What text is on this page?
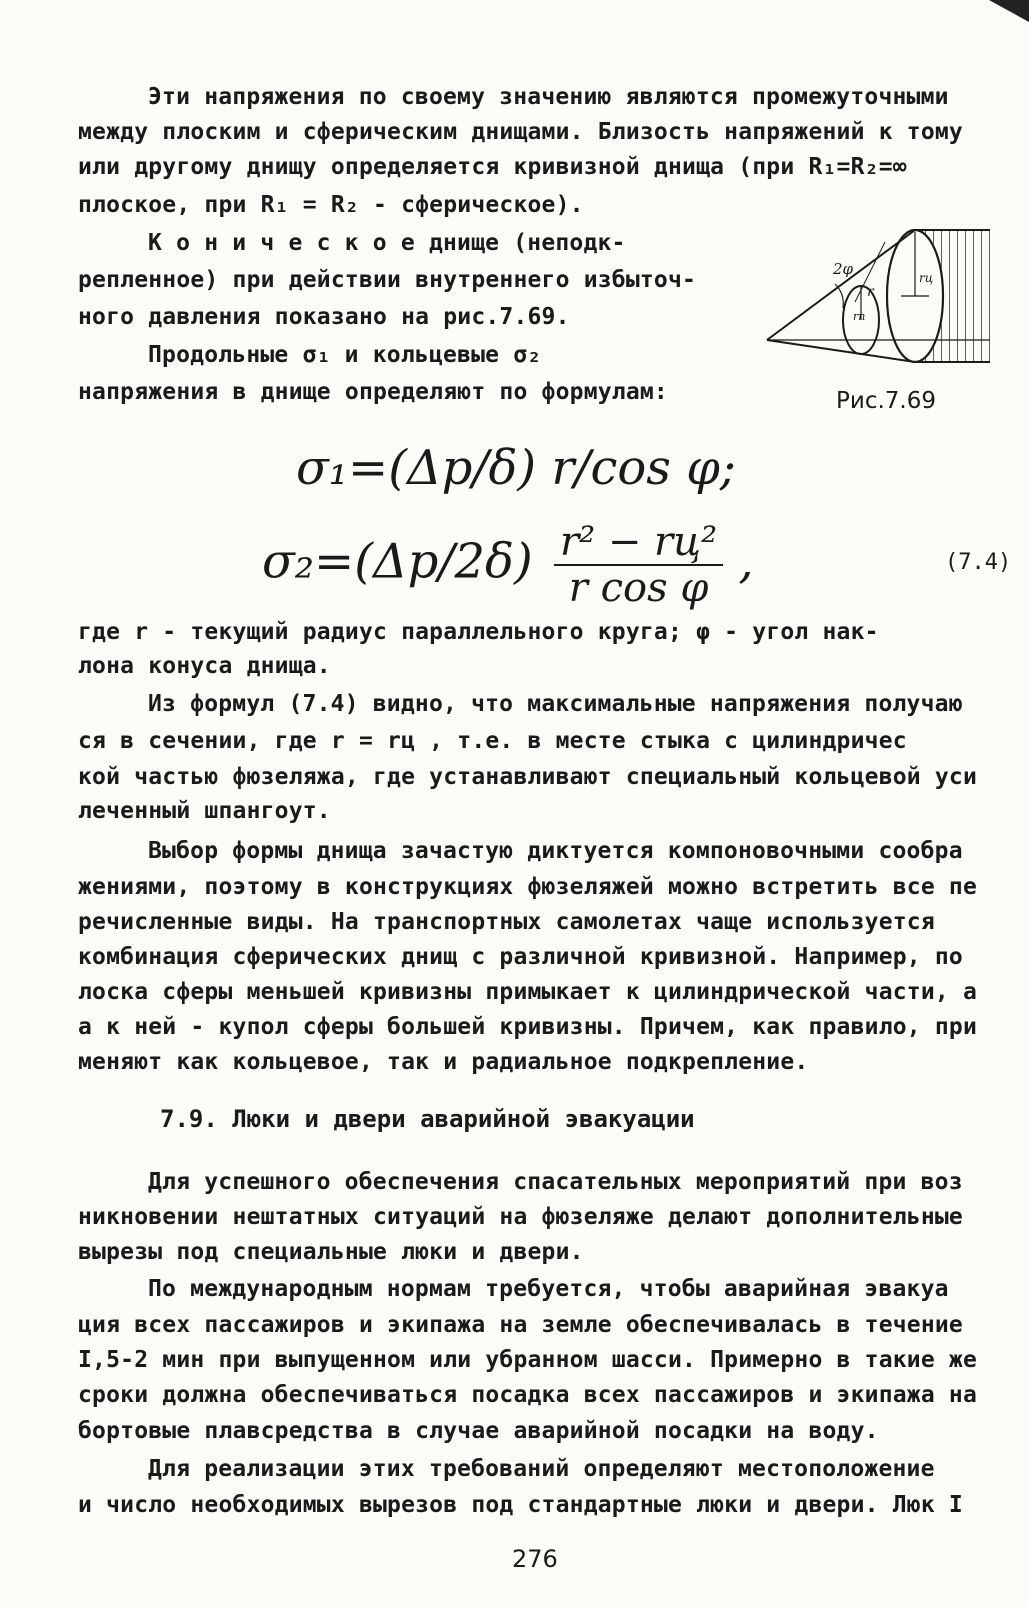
Эти напряжения по своему значению являются промежуточными
между плоским и сферическим днищами. Близость напряжений к тому
или другому днищу определяется кривизной днища (при R₁=R₂=∞
плоское, при R₁ = R₂ - сферическое).
К о н и ч е с к о е днище (неподк-
репленное) при действии внутреннего избыточ-
ного давления показано на рис.7.69.
Продольные σ₁ и кольцевые σ₂
напряжения в днище определяют по формулам:
2φ
r
rц
rп
Рис.7.69
σ₁=(Δp/δ) r/cos φ;
$\sigma_2=(\Delta p/2\delta) \frac{\text{r² − rц²}}{\text{r cos φ}}$ ,	(7.4)
где r - текущий радиус параллельного круга; φ - угол нак-
лона конуса днища.
Из формул (7.4) видно, что максимальные напряжения получаю
ся в сечении, где r = rц , т.е. в месте стыка с цилиндричес
кой частью фюзеляжа, где устанавливают специальный кольцевой уси
леченный шпангоут.
Выбор формы днища зачастую диктуется компоновочными сообра
жениями, поэтому в конструкциях фюзеляжей можно встретить все пе
речисленные виды. На транспортных самолетах чаще используется
комбинация сферических днищ с различной кривизной. Например, по
лоска сферы меньшей кривизны примыкает к цилиндрической части, а
а к ней - купол сферы большей кривизны. Причем, как правило, при
меняют как кольцевое, так и радиальное подкрепление.
7.9. Люки и двери аварийной эвакуации
Для успешного обеспечения спасательных мероприятий при воз
никновении нештатных ситуаций на фюзеляже делают дополнительные
вырезы под специальные люки и двери.
По международным нормам требуется, чтобы аварийная эвакуа
ция всех пассажиров и экипажа на земле обеспечивалась в течение
I,5-2 мин при выпущенном или убранном шасси. Примерно в такие же
сроки должна обеспечиваться посадка всех пассажиров и экипажа на
бортовые плавсредства в случае аварийной посадки на воду.
Для реализации этих требований определяют местоположение
и число необходимых вырезов под стандартные люки и двери. Люк I
276
